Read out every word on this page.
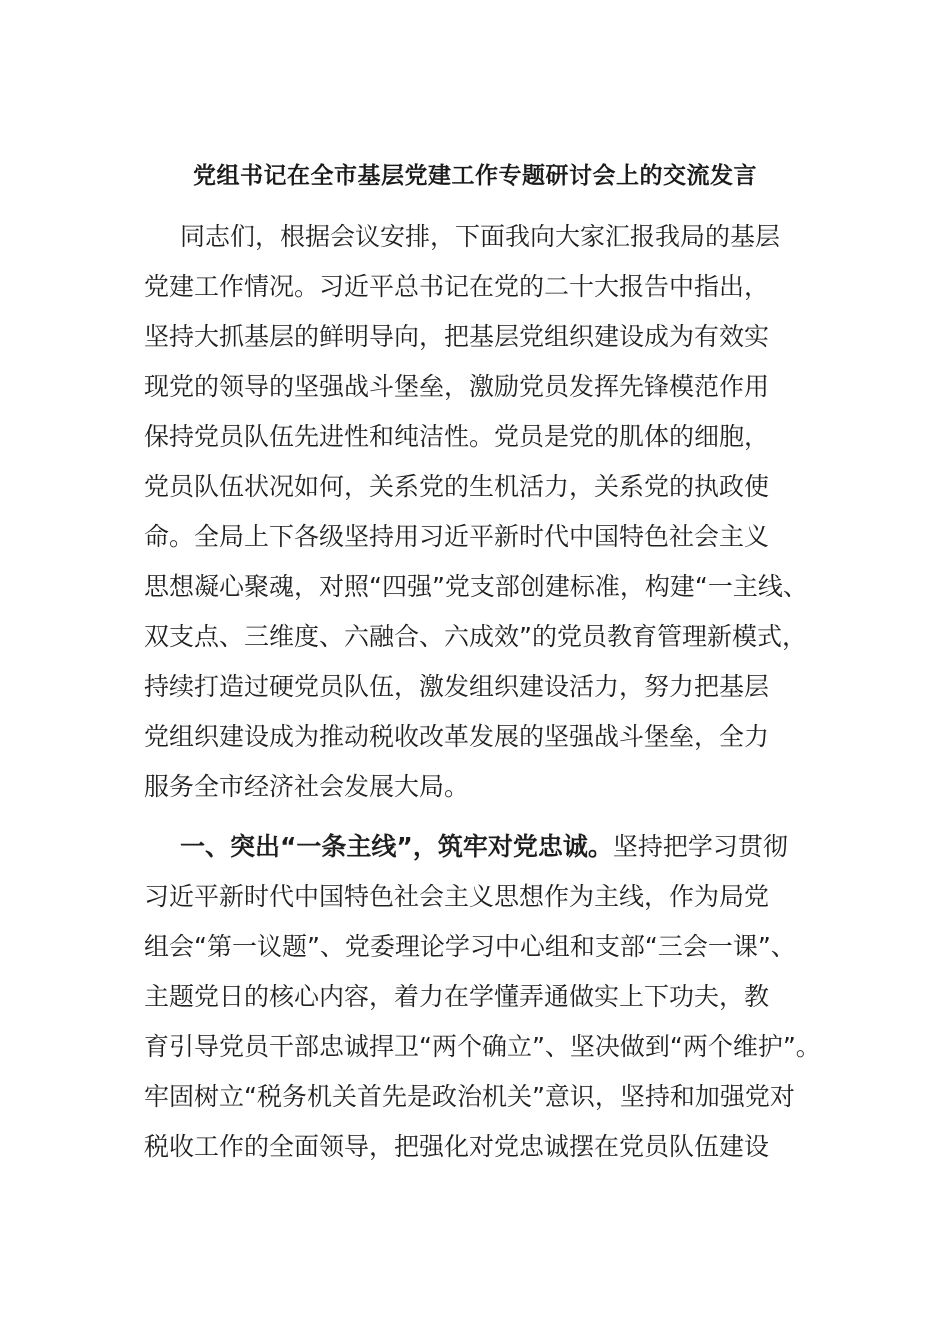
党组书记在全市基层党建工作专题研讨会上的交流发言
同志们，根据会议安排，下面我向大家汇报我局的基层
党建工作情况。习近平总书记在党的二十大报告中指出，
坚持大抓基层的鲜明导向，把基层党组织建设成为有效实
现党的领导的坚强战斗堡垒，激励党员发挥先锋模范作用
保持党员队伍先进性和纯洁性。党员是党的肌体的细胞，
党员队伍状况如何，关系党的生机活力，关系党的执政使
命。全局上下各级坚持用习近平新时代中国特色社会主义
思想凝心聚魂，对照“四强”党支部创建标准，构建“一主线、
双支点、三维度、六融合、六成效”的党员教育管理新模式，
持续打造过硬党员队伍，激发组织建设活力，努力把基层
党组织建设成为推动税收改革发展的坚强战斗堡垒，全力
服务全市经济社会发展大局。
一、突出“一条主线”，筑牢对党忠诚。坚持把学习贯彻
习近平新时代中国特色社会主义思想作为主线，作为局党
组会“第一议题”、党委理论学习中心组和支部“三会一课”、
主题党日的核心内容，着力在学懂弄通做实上下功夫，教
育引导党员干部忠诚捍卫“两个确立”、坚决做到“两个维护”。
牢固树立“税务机关首先是政治机关”意识，坚持和加强党对
税收工作的全面领导，把强化对党忠诚摆在党员队伍建设
